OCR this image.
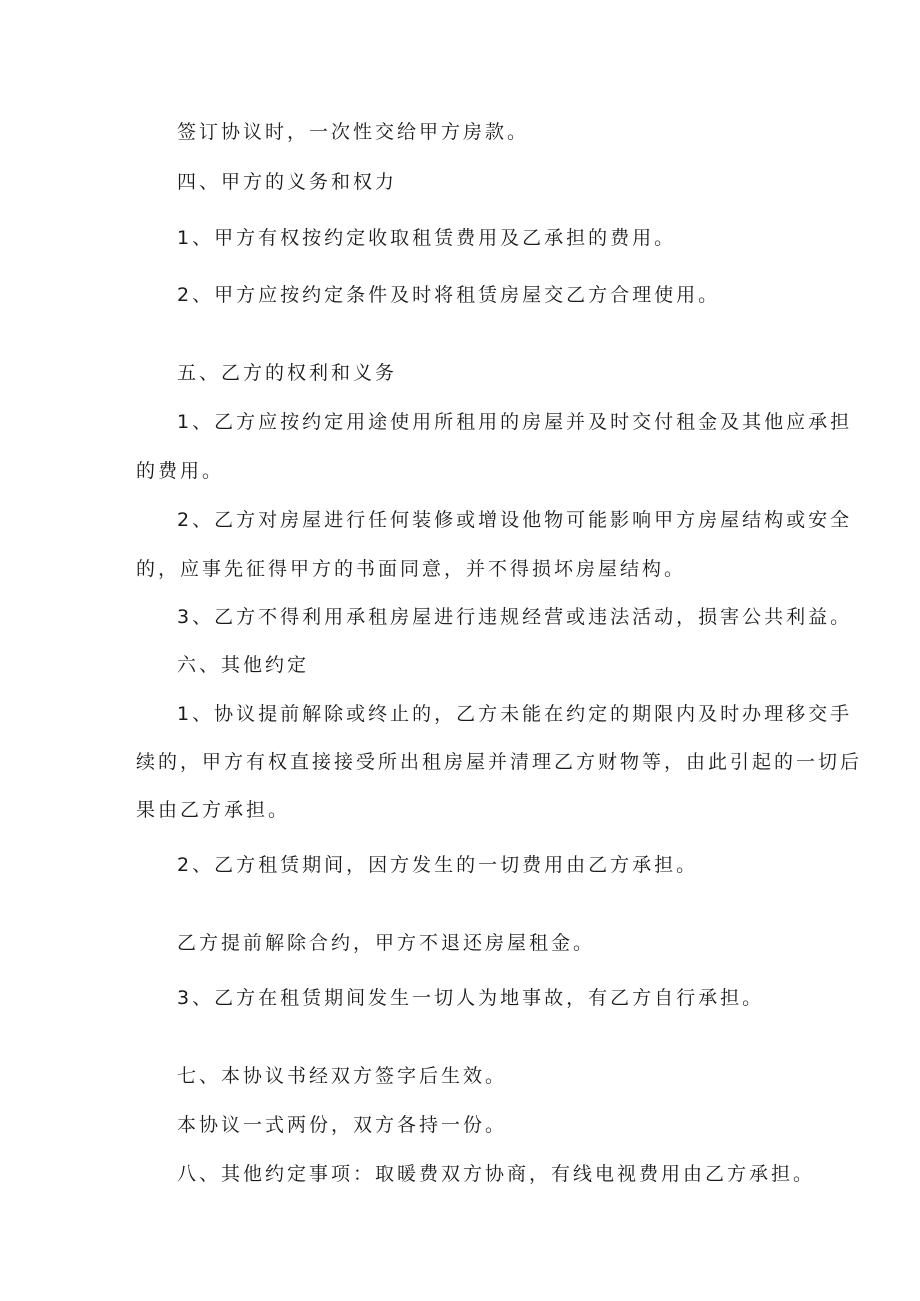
签订协议时，一次性交给甲方房款。
四、甲方的义务和权力
1、甲方有权按约定收取租赁费用及乙承担的费用。
2、甲方应按约定条件及时将租赁房屋交乙方合理使用。
五、乙方的权利和义务
1、乙方应按约定用途使用所租用的房屋并及时交付租金及其他应承担
的费用。
2、乙方对房屋进行任何装修或增设他物可能影响甲方房屋结构或安全
的，应事先征得甲方的书面同意，并不得损坏房屋结构。
3、乙方不得利用承租房屋进行违规经营或违法活动，损害公共利益。
六、其他约定
1、协议提前解除或终止的，乙方未能在约定的期限内及时办理移交手
续的，甲方有权直接接受所出租房屋并清理乙方财物等，由此引起的一切后
果由乙方承担。
2、乙方租赁期间，因方发生的一切费用由乙方承担。
乙方提前解除合约，甲方不退还房屋租金。
3、乙方在租赁期间发生一切人为地事故，有乙方自行承担。
七、本协议书经双方签字后生效。
本协议一式两份，双方各持一份。
八、其他约定事项：取暖费双方协商，有线电视费用由乙方承担。
